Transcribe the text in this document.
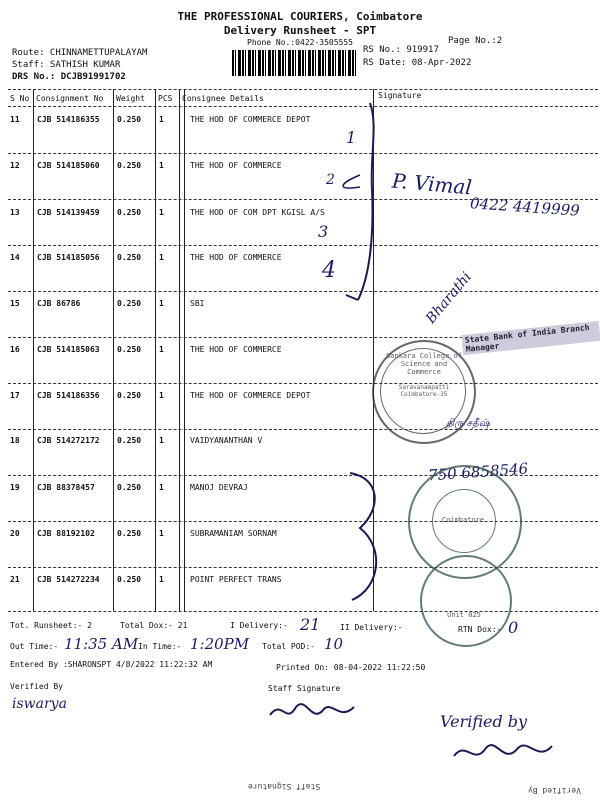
THE PROFESSIONAL COURIERS, Coimbatore
Delivery Runsheet - SPT
Phone No.:0422-3505555	Page No.:2
Route: CHINNAMETTUPALAYAM
Staff: SATHISH KUMAR
DRS No.: DCJB91991702
RS No.: 919917
RS Date: 08-Apr-2022
S No Consignment No Weight PCS Consignee Details	Signature
11 CJB 514186355 0.250 1	THE HOD OF COMMERCE DEPOT
12 CJB 514185060 0.250 1	THE HOD OF COMMERCE
13 CJB 514139459 0.250 1	THE HOD OF COM DPT KGISL A/S
14 CJB 514185056 0.250 1	THE HOD OF COMMERCE
15 CJB 86786	0.250 1	SBI
16 CJB 514185063 0.250 1	THE HOD OF COMMERCE
17 CJB 514186356 0.250 1	THE HOD OF COMMERCE DEPOT
18 CJB 514272172 0.250 1	VAIDYANANTHAN V
19 CJB 88378457	0.250 1	MANOJ DEVRAJ
20 CJB 88192102	0.250 1	SUBRAMANIAM SORNAM
21 CJB 514272234 0.250 1	POINT PERFECT TRANS
1
2
3
4
P. Vimal
0422 4419999
Bharathi
திரு சதீஷ்
750 6858546
State Bank of India Branch Manager
Sankara College of Science and Commerce
Saravanampatti Coimbatore-35
Coimbatore
Unit 025
Tot. Runsheet:- 2	Total Dox:- 21	I Delivery:- 21 II Delivery:-	RTN Dox:- 0
Out Time:- 11:35 AM In Time:- 1:20PM Total POD:- 10
Entered By :SHARONSPT 4/8/2022 11:22:32 AM	Printed On: 08-04-2022 11:22:50
Verified By
iswarya
Staff Signature
Verified by
Staff Signature	Verified By
